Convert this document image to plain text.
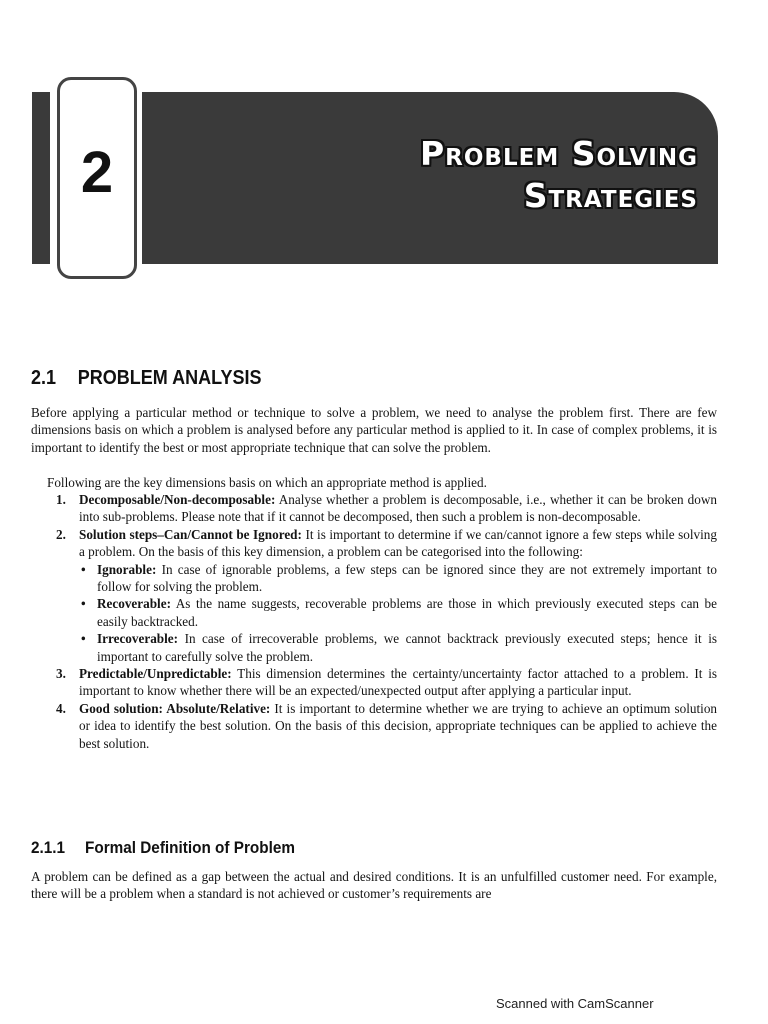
2	Problem Solving
Strategies
2.1 PROBLEM ANALYSIS

Before applying a particular method or technique to solve a problem, we need to analyse the problem first. There are few dimensions basis on which a problem is analysed before any particular method is applied to it. In case of complex problems, it is important to identify the best or most appropriate technique that can solve the problem.

Following are the key dimensions basis on which an appropriate method is applied.

1. Decomposable/Non-decomposable: Analyse whether a problem is decomposable, i.e., whether it can be broken down into sub-problems. Please note that if it cannot be decomposed, then such a problem is non-decomposable.
2. Solution steps–Can/Cannot be Ignored: It is important to determine if we can/cannot ignore a few steps while solving a problem. On the basis of this key dimension, a problem can be categorised into the following:
• Ignorable: In case of ignorable problems, a few steps can be ignored since they are not extremely important to follow for solving the problem.
• Recoverable: As the name suggests, recoverable problems are those in which previously executed steps can be easily backtracked.
• Irrecoverable: In case of irrecoverable problems, we cannot backtrack previously executed steps; hence it is important to carefully solve the problem.
3. Predictable/Unpredictable: This dimension determines the certainty/uncertainty factor attached to a problem. It is important to know whether there will be an expected/unexpected output after applying a particular input.
4. Good solution: Absolute/Relative: It is important to determine whether we are trying to achieve an optimum solution or idea to identify the best solution. On the basis of this decision, appropriate techniques can be applied to achieve the best solution.
2.1.1 Formal Definition of Problem

A problem can be defined as a gap between the actual and desired conditions. It is an unfulfilled customer need. For example, there will be a problem when a standard is not achieved or customer’s requirements are

Scanned with CamScanner
